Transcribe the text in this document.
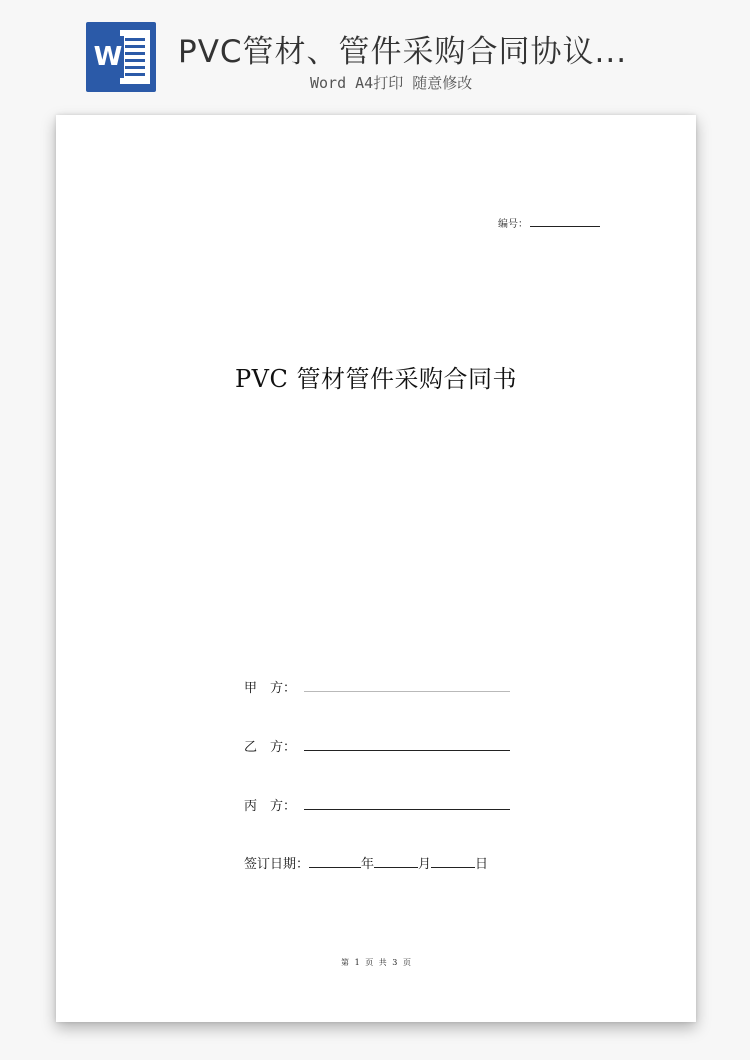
W PVC管材、管件采购合同协议...
Word A4打印 随意修改
编号：
PVC 管材管件采购合同书
甲　方：
乙　方：
丙　方：
签订日期：	年	月	日
第 1 页 共 3 页
